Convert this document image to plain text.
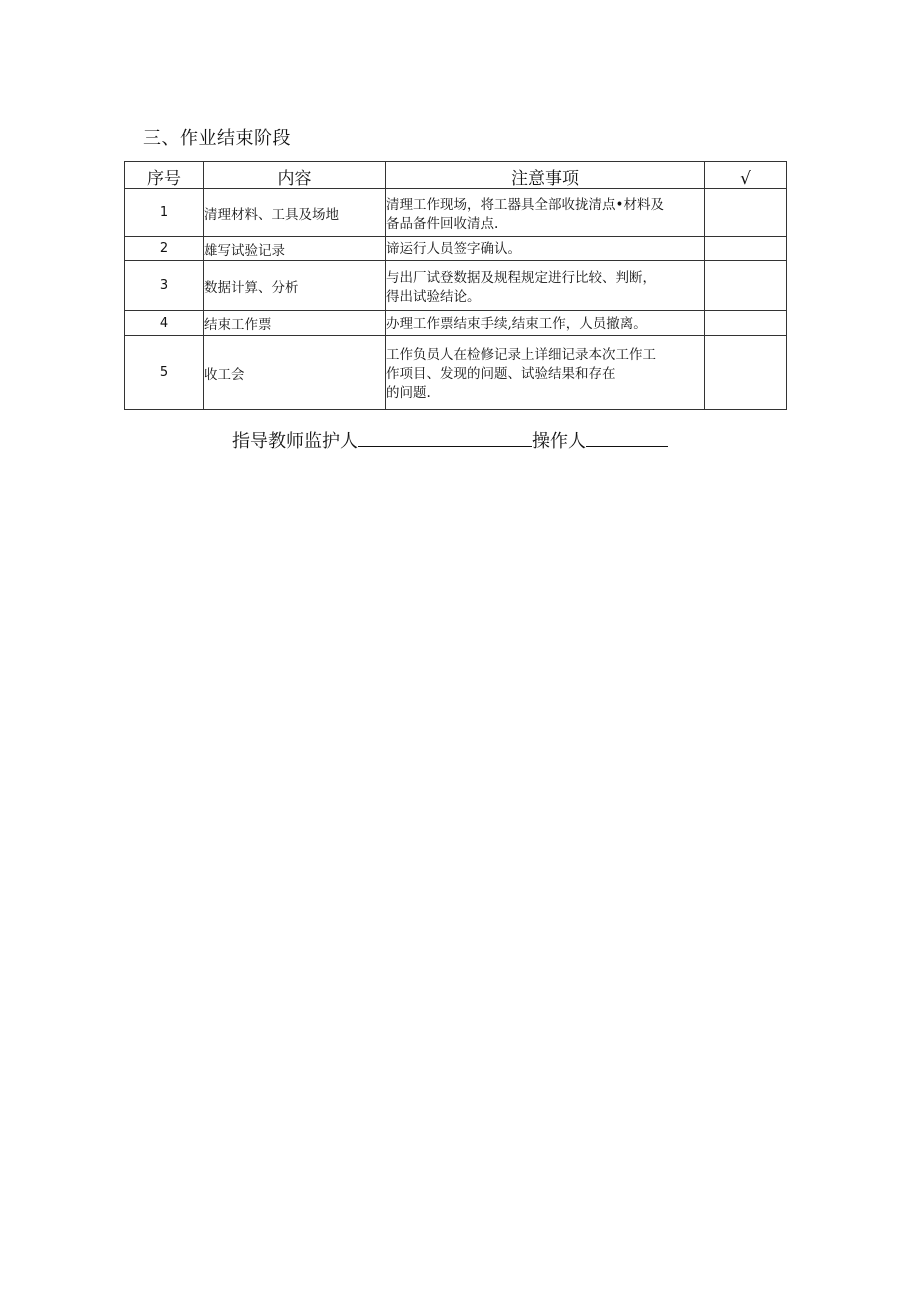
三、作业结束阶段
序号	内容	注意事项	√
1	清理材料、工具及场地	清理工作现场，将工器具全部收拢清点•材料及
备品备件回收清点.	
2	雄写试验记录	谛运行人员签字确认。	
3	数据计算、分析	与出厂试登数据及规程规定进行比较、判断，
得出试验结论。	
4	结束工作票	办理工作票结束手续,结束工作，人员撤离。	
5	收工会	工作负员人在检修记录上详细记录本次工作工
作项目、发现的问题、试验结果和存在
的问题.	
指导教师监护人	操作人
